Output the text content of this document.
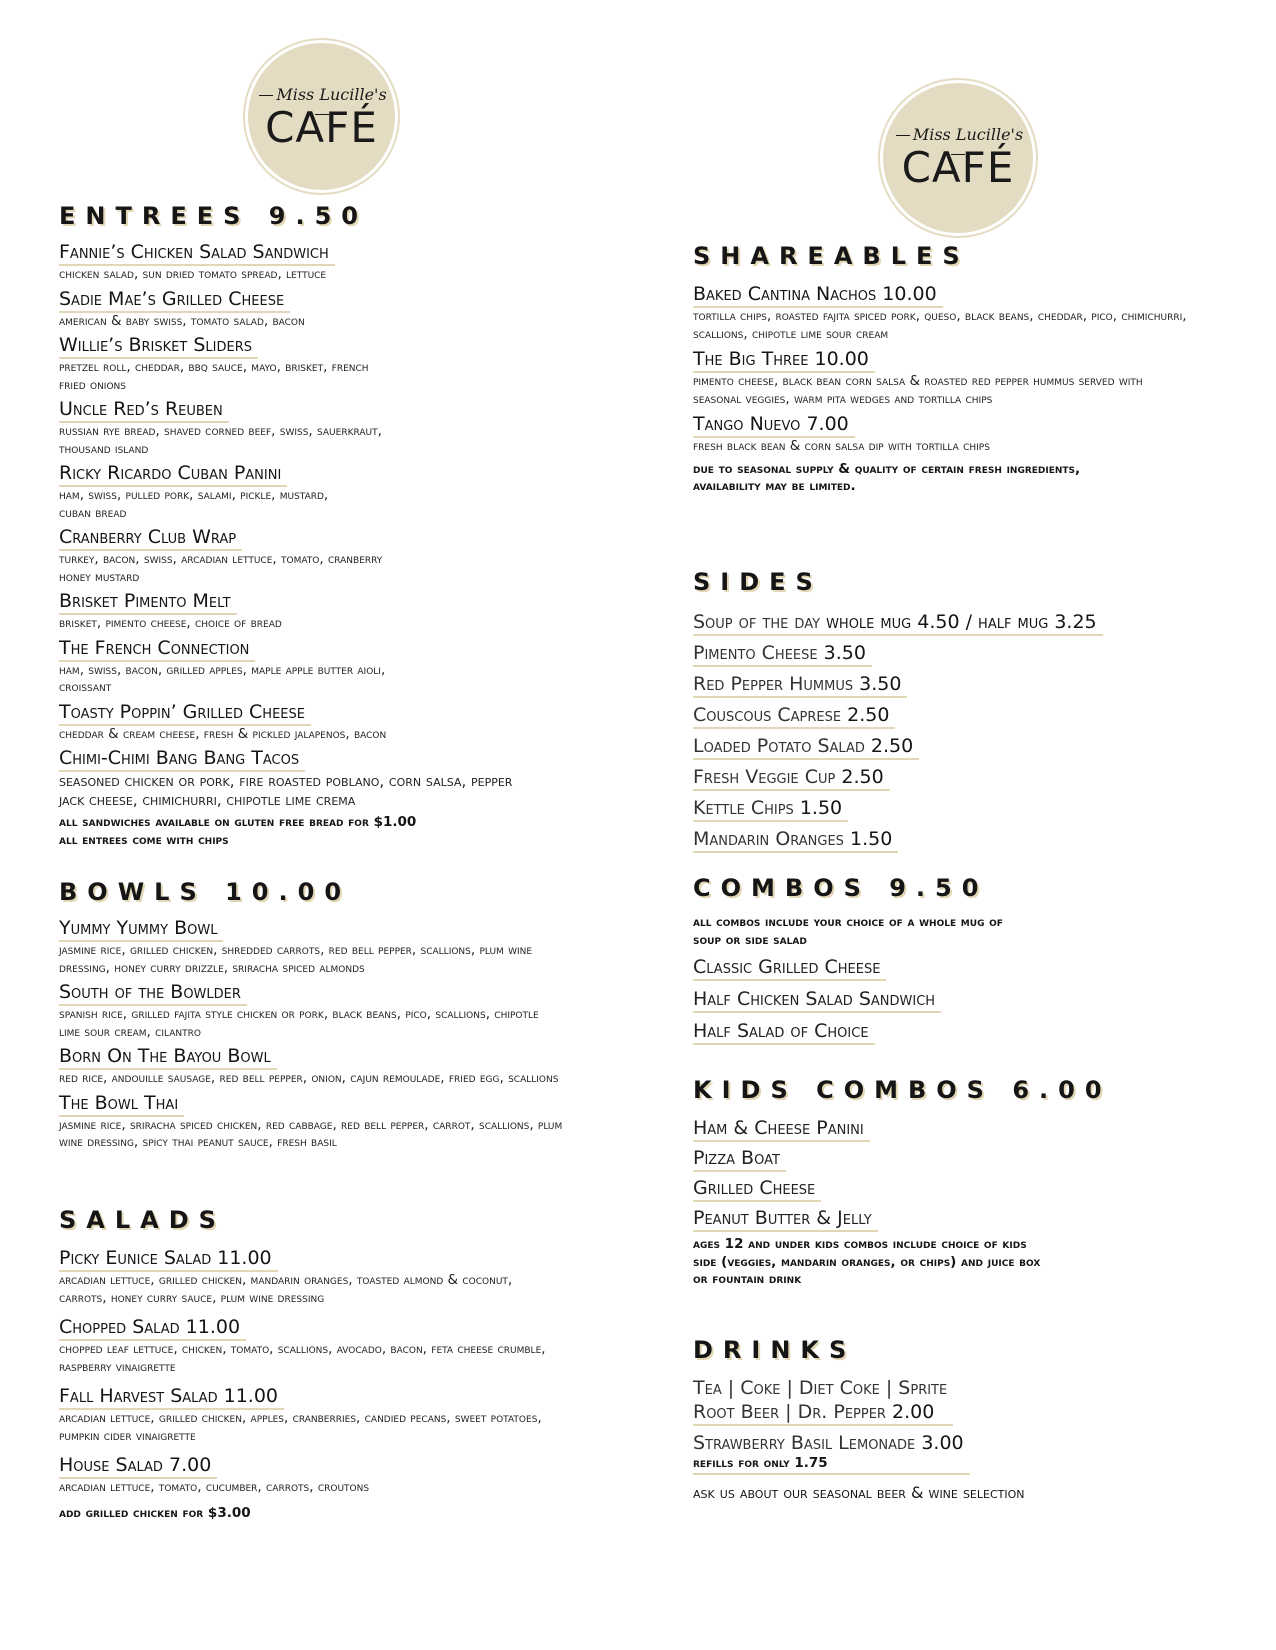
Miss Lucille's
CAFÉ	Miss Lucille's
CAFÉ
ENTREES 9.50
Fannie’s Chicken Salad Sandwich

chicken salad, sun dried tomato spread, lettuce

Sadie Mae’s Grilled Cheese

american & baby swiss, tomato salad, bacon

Willie’s Brisket Sliders

pretzel roll, cheddar, bbq sauce, mayo, brisket, french fried onions

Uncle Red’s Reuben

russian rye bread, shaved corned beef, swiss, sauerkraut, thousand island

Ricky Ricardo Cuban Panini

ham, swiss, pulled pork, salami, pickle, mustard, cuban bread

Cranberry Club Wrap

turkey, bacon, swiss, arcadian lettuce, tomato, cranberry honey mustard

Brisket Pimento Melt

brisket, pimento cheese, choice of bread

The French Connection

ham, swiss, bacon, grilled apples, maple apple butter aioli, croissant

Toasty Poppin’ Grilled Cheese

cheddar & cream cheese, fresh & pickled jalapenos, bacon

Chimi-Chimi Bang Bang Tacos

seasoned chicken or pork, fire roasted poblano, corn salsa, pepper jack cheese, chimichurri, chipotle lime crema

all sandwiches available on gluten free bread for $1.00

all entrees come with chips

BOWLS 10.00
Yummy Yummy Bowl

jasmine rice, grilled chicken, shredded carrots, red bell pepper, scallions, plum wine dressing, honey curry drizzle, sriracha spiced almonds

South of the Bowlder

spanish rice, grilled fajita style chicken or pork, black beans, pico, scallions, chipotle lime sour cream, cilantro

Born On The Bayou Bowl

red rice, andouille sausage, red bell pepper, onion, cajun remoulade, fried egg, scallions

The Bowl Thai

jasmine rice, sriracha spiced chicken, red cabbage, red bell pepper, carrot, scallions, plum wine dressing, spicy thai peanut sauce, fresh basil

SALADS
Picky Eunice Salad 11.00

arcadian lettuce, grilled chicken, mandarin oranges, toasted almond & coconut, carrots, honey curry sauce, plum wine dressing

Chopped Salad 11.00

chopped leaf lettuce, chicken, tomato, scallions, avocado, bacon, feta cheese crumble, raspberry vinaigrette

Fall Harvest Salad 11.00

arcadian lettuce, grilled chicken, apples, cranberries, candied pecans, sweet potatoes, pumpkin cider vinaigrette

House Salad 7.00

arcadian lettuce, tomato, cucumber, carrots, croutons

add grilled chicken for $3.00

SHAREABLES
Baked Cantina Nachos 10.00

tortilla chips, roasted fajita spiced pork, queso, black beans, cheddar, pico, chimichurri, scallions, chipotle lime sour cream

The Big Three 10.00

pimento cheese, black bean corn salsa & roasted red pepper hummus served with seasonal veggies, warm pita wedges and tortilla chips

Tango Nuevo 7.00

fresh black bean & corn salsa dip with tortilla chips

due to seasonal supply & quality of certain fresh ingredients, availability may be limited.

SIDES
Soup of the day whole mug 4.50 / half mug 3.25
Pimento Cheese 3.50
Red Pepper Hummus 3.50
Couscous Caprese 2.50
Loaded Potato Salad 2.50
Fresh Veggie Cup 2.50
Kettle Chips 1.50
Mandarin Oranges 1.50
COMBOS 9.50

all combos include your choice of a whole mug of soup or side salad

Classic Grilled Cheese
Half Chicken Salad Sandwich
Half Salad of Choice
KIDS COMBOS 6.00
Ham & Cheese Panini
Pizza Boat
Grilled Cheese
Peanut Butter & Jelly

ages 12 and under kids combos include choice of kids side (veggies, mandarin oranges, or chips) and juice box or fountain drink

DRINKS
Tea | Coke | Diet Coke | Sprite
Root Beer | Dr. Pepper 2.00

Strawberry Basil Lemonade 3.00

refills for only 1.75

ask us about our seasonal beer & wine selection
